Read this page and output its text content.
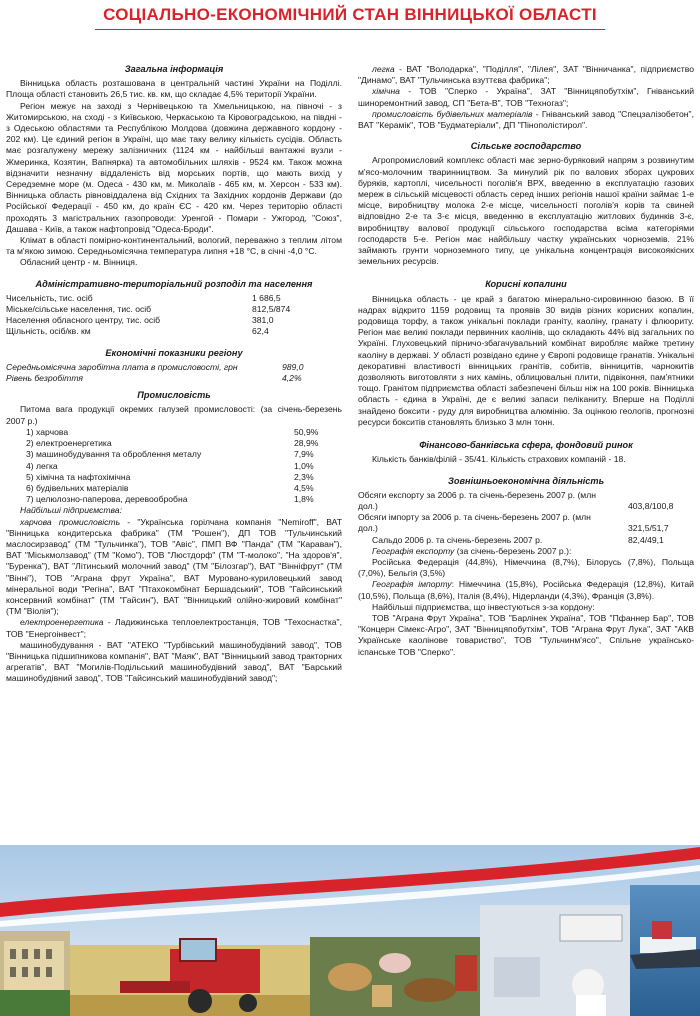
СОЦІАЛЬНО-ЕКОНОМІЧНИЙ СТАН ВІННИЦЬКОЇ ОБЛАСТІ
Загальна інформація

Вінницька область розташована в центральній частині України на Поділлі. Площа області становить 26,5 тис. кв. км, що складає 4,5% території України.

Регіон межує на заході з Чернівецькою та Хмельницькою, на півночі - з Житомирською, на сході - з Київською, Черкаською та Кіровоградською, на півдні - з Одеською областями та Республікою Молдова (довжина державного кордону - 202 км). Це єдиний регіон в Україні, що має таку велику кількість сусідів. Область має розгалужену мережу залізничних (1124 км - найбільші вантажні вузли - Жмеринка, Козятин, Вапнярка) та автомобільних шляхів - 9524 км. Також можна відзначити незначну віддаленість від морських портів, що мають вихід у Середземне море (м. Одеса - 430 км, м. Миколаїв - 465 км, м. Херсон - 533 км). Вінницька область рівновіддалена від Східних та Західних кордонів Держави (до Російської Федерації - 450 км, до країн ЄС - 420 км. Через територію області проходять 3 магістральних газопроводи: Уренгой - Помари - Ужгород, "Союз", Дашава - Київ, а також нафтопровід "Одеса-Броди".

Клімат в області помірно-континентальний, вологий, переважно з теплим літом та м'якою зимою. Середньомісячна температура липня +18 °С, в січні -4,0 °С.

Обласний центр - м. Вінниця.

Адміністративно-територіальний розподіл та населення
Чисельність, тис. осіб	1 686,5
Міське/сільське населення, тис. осіб	812,5/874
Населення обласного центру, тис. осіб	381,0
Щільність, осіб/кв. км	62,4
Економічні показники регіону
Середньомісячна заробітна плата в промисловості, грн	989,0
Рівень безробіття	4,2%
Промисловість

Питома вага продукції окремих галузей промисловості: (за січень-березень 2007 р.)

1) харчова	50,9%
2) електроенергетика	28,9%
3) машинобудування та оброблення металу	7,9%
4) легка	1,0%
5) хімічна та нафтохімічна	2,3%
6) будівельних матеріалів	4,5%
7) целюлозно-паперова, деревообробна	1,8%

Найбільші підприємства:

харчова промисловість - "Українська горілчана компанія "Nemiroff", ВАТ "Вінницька кондитерська фабрика" (ТМ "Рошен"), ДП ТОВ "Тульчинський маслосирзавод" (ТМ "Тульчинка"), ТОВ "Авіс", ПМП ВФ "Панда" (ТМ "Караван"), ВАТ "Міськмолзавод" (ТМ "Комо"), ТОВ "Люстдорф" (ТМ "Т-молоко", "На здоров'я", "Буренка"), ВАТ "Літинський молочний завод" (ТМ "Білозгар"), ВАТ "Вінніфрут" (ТМ "Вінні"), ТОВ "Аграна фрут Україна", ВАТ Муровано-куриловецький завод мінеральної води "Регіна", ВАТ "Птахокомбінат Бершадський", ТОВ "Гайсинський консервний комбінат" (ТМ "Гайсин"), ВАТ "Вінницький олійно-жировий комбінат" (ТМ "Віолія");

електроенергетика - Ладижинська теплоелектростанція, ТОВ "Техоснастка", ТОВ "Енергоінвест";

машинобудування - ВАТ "АТЕКО "Турбівський машинобудівний завод", ТОВ "Вінницька підшипникова компанія", ВАТ "Маяк", ВАТ "Вінницький завод тракторних агрегатів", ВАТ "Могилів-Подільський машинобудівний завод", ВАТ "Барський машинобудівний завод", ТОВ "Гайсинський машинобудівний завод";

легка - ВАТ "Володарка", "Поділля", "Лілея", ЗАТ "Вінничанка", підприємство "Динамо", ВАТ "Тульчинська взуттєва фабрика";

хімічна - ТОВ "Сперко - Україна", ЗАТ "Вінницяпобутхім", Гніванський шиноремонтний завод, СП "Бета-В", ТОВ "Техногаз";

промисловість будівельних матеріалів - Гніванський завод "Спецзалізобетон", ВАТ "Керамік", ТОВ "Будматеріали", ДП "Пінополістирол".

Сільське господарство

Агропромисловий комплекс області має зерно-буряковий напрям з розвинутим м'ясо-молочним тваринництвом. За минулий рік по валових зборах цукрових буряків, картоплі, чисельності поголів'я ВРХ, введенню в експлуатацію газових мереж в сільській місцевості область серед інших регіонів нашої країни займає 1-е місце, виробництву молока 2-е місце, чисельності поголів'я корів та свиней відповідно 2-е та 3-є місця, введенню в експлуатацію житлових будинків 3-є, виробництву валової продукції сільського господарства всіма категоріями господарств 5-е. Регіон має найбільшу частку українських чорноземів. 21% займають грунти чорноземного типу, це унікальна концентрація високоякісних земельних ресурсів.

Корисні копалини

Вінницька область - це край з багатою мінерально-сировинною базою. В її надрах відкрито 1159 родовищ та проявів 30 видів різних корисних копалин, родовища торфу, а також унікальні поклади граніту, каоліну, гранату і флюориту. Регіон має великі поклади первинних каолінів, що складають 44% від загальних по Україні. Глуховецький пірничо-збагачувальний комбінат виробляє майже третину каоліну в державі. У області розвідано єдине у Європі родовище гранатів. Унікальні декоративні властивості вінницьких гранітів, собитів, вінницитів, чарнокитів дозволяють виготовляти з них камінь, облицювальні плити, підвіконня, пам'ятники тощо. Гранітом підприємства області забезпечені більш ніж на 100 років. Вінницька область - єдина в Україні, де є великі запаси пеліканиту. Вперше на Поділлі знайдено боксити - руду для виробництва алюмінію. За оцінкою геологів, прогнозні ресурси бокситів становлять близько 3 млн тонн.

Фінансово-банківська сфера, фондовий ринок

Кількість банків/філій - 35/41. Кількість страхових компаній - 18.

Зовнішньоекономічна діяльність
Обсяги експорту за 2006 р. та січень-березень 2007 р. (млн дол.)	403,8/100,8
Обсяги імпорту за 2006 р. та січень-березень 2007 р. (млн дол.)	321,5/51,7
Сальдо 2006 р. та січень-березень 2007 р.	82,4/49,1

Географія експорту (за січень-березень 2007 р.):

Російська Федерація (44,8%), Німеччина (8,7%), Білорусь (7,8%), Польща (7,0%), Бельгія (3,5%)

Географія імпорту: Німеччина (15,8%), Російська Федерація (12,8%), Китай (10,5%), Польща (8,6%), Італія (8,4%), Нідерланди (4,3%), Франція (3,8%).

Найбільші підприємства, що інвестуються з-за кордону:

ТОВ "Аграна Фрут Україна", ТОВ "Барлінек Україна", ТОВ "Пфаннер Бар", ТОВ "Концерн Сімекс-Агро", ЗАТ "Вінницяпобутхім", ТОВ "Аграна Фрут Лука", ЗАТ "АКВ Українське каолінове товариство", ТОВ "Тульчинм'ясо", Спільне українсько-іспанське ТОВ "Сперко".
